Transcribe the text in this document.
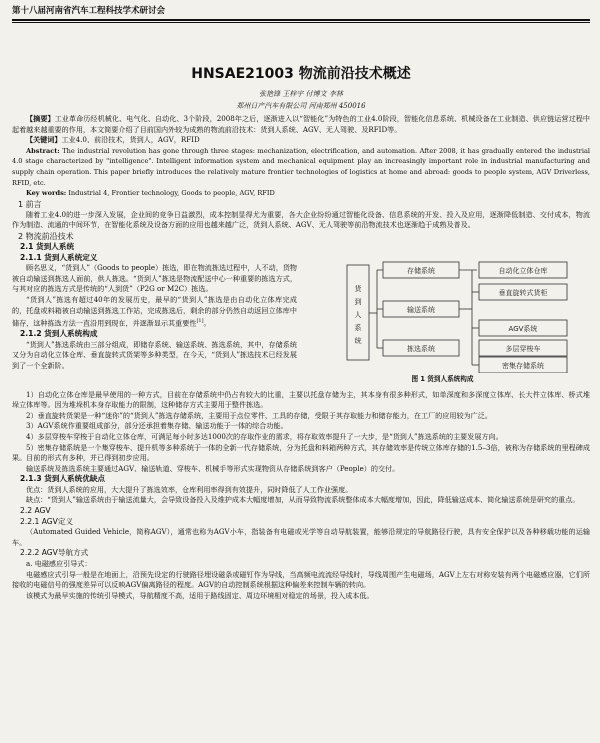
第十八届河南省汽车工程科技学术研讨会
HNSAE21003 物流前沿技术概述
张艳锋 王梓宇 付博文 李林
郑州日产汽车有限公司 河南郑州 450016

【摘要】工业革命历经机械化、电气化、自动化、3个阶段，2008年之后，逐渐进入以“智能化”为特色的工业4.0阶段，智能化信息系统、机械设备在工业制造、供应链运营过程中起着越来越重要的作用，本文简要介绍了目前国内外较为成熟的物流前沿技术：货到人系统、AGV、无人驾驶、及RFID等。

【关键词】工业4.0、前沿技术，货到人，AGV，RFID

Abstract: The industrial revolution has gone through three stages: mechanization, electrification, and automation. After 2008, it has gradually entered the industrial 4.0 stage characterized by "intelligence". Intelligent information system and mechanical equipment play an increasingly important role in industrial manufacturing and supply chain operation. This paper briefly introduces the relatively mature frontier technologies of logistics at home and abroad: goods to people system, AGV Driverless, RFID, etc.

Key words: Industrial 4, Frontier technology, Goods to people, AGV, RFID

1 前言

随着工业4.0的进一步深入发展，企业间的竞争日益激烈，成本控制显得尤为重要，各大企业纷纷通过智能化设备、信息系统的开发、投入及应用，逐渐降低制造、交付成本，物流作为制造、流通的中间环节，在智能化系统及设备方面的应用也越来越广泛，货到人系统、AGV、无人驾驶等前沿物流技术也逐渐趋于成熟及普及。

2 物流前沿技术
2.1 货到人系统
2.1.1 货到人系统定义

顾名思义，“货到人”（Goods to people）拣选，即在物流拣选过程中，人不动，货物被自动输送到拣选人面前，供人拣选。“货到人”拣选是物流配送中心一种重要的拣选方式，与其对应的拣选方式是传统的“人到货”（P2G or M2C）拣选。

“货到人”拣选有超过40年的发展历史，最早的“货到人”拣选是由自动化立体库完成的，托盘或料箱被自动输送到拣选工作站，完成拣选后，剩余的部分仍然自动返回立体库中储存，这种拣选方法一直沿用到现在，并逐渐显示其重要性[1]。

2.1.2 货到人系统构成

“货到人”拣选系统由三部分组成，即储存系统、输送系统、拣选系统，其中，存储系统又分为自动化立体仓库、垂直旋转式货架等多种类型，在今天，“货到人”拣选技术已经发展到了一个全新阶。

货
到
人
系
统
存储系统
输送系统
拣选系统
自动化立体仓库
垂直旋转式货柜
AGV系统
多层穿梭车
密集存储系统
图 1 货到人系统构成

1）自动化立体仓库是最早使用的一种方式，目前在存储系统中仍占有较大的比重，主要以托盘存储为主，其本身有很多种形式，如单深度和多深度立体库、长大件立体库、桥式堆垛立体库等。因为堆垛机本身存取能力的限制，这种储存方式主要用于整件拣选。

2）垂直旋转货架是一种“迷你”的“货到人”拣选存储系统，主要用于点位零件、工具的存储，受限于其存取能力和储存能力，在工厂的应用较为广泛。

3）AGV系统作重要组成部分，部分还承担着集存储、输送功能于一体的综合功能。

4）多层穿梭车穿梭于自动化立体仓库，可满足每小时多达1000次的存取作业的需求，将存取效率提升了一大步，是“货到人”拣选系统的主要发展方向。

5）密集存储系统是一个集穿梭车、提升机等多种系统于一体的全新一代存储系统，分为托盘和料箱两种方式，其存储效率是传统立体库存储的1.5–3倍，被称为存储系统的里程碑成果。目前的形式有多种，并已得到初步应用。

输送系统及拣选系统主要通过AGV、输送轨道、穿梭车、机械手等形式实现物资从存储系统到客户（People）的交付。

2.1.3 货到人系统优缺点

优点：货到人系统的应用，大大提升了拣选效率，仓库利用率得到有效提升，同时降低了人工作业强度。

缺点：“货到人”输送系统由于输送流量大，会导致设备投入及维护成本大幅度增加，从而导致物流系统整体成本大幅度增加，因此，降低输送成本、简化输送系统是研究的重点。

2.2 AGV
2.2.1 AGV定义

（Automated Guided Vehicle，简称AGV），通常也称为AGV小车，指装备有电磁或光学等自动导航装置，能够沿规定的导航路径行驶，具有安全保护以及各种移载功能的运输车。

2.2.2 AGV导航方式

a. 电磁感应引导式：

电磁感应式引导一般是在地面上，沿预先设定的行驶路径埋设磁条或磁钉作为导线，当高频电流流经导线时，导线周围产生电磁场，AGV上左右对称安装有两个电磁感应器，它们所接收的电磁信号的强度差异可以反映AGV偏离路径的程度。AGV的自动控制系统根据这种偏差来控制车辆的转向。

该模式为最早实施的传统引导模式，导航精度不高，适用于路线固定、周边环境相对稳定的场景，投入成本低。
